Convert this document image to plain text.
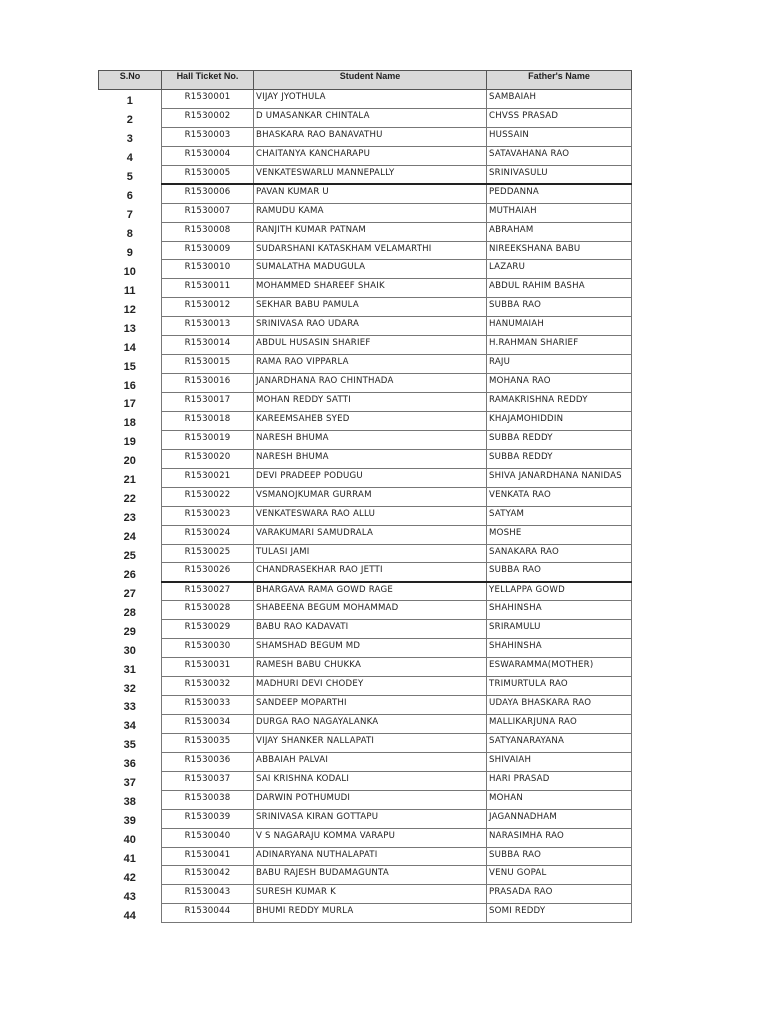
S.No	Hall Ticket No.	Student Name	Father's Name
1	R1530001	VIJAY JYOTHULA	SAMBAIAH
2	R1530002	D UMASANKAR CHINTALA	CHVSS PRASAD
3	R1530003	BHASKARA RAO BANAVATHU	HUSSAIN
4	R1530004	CHAITANYA KANCHARAPU	SATAVAHANA RAO
5	R1530005	VENKATESWARLU MANNEPALLY	SRINIVASULU
6	R1530006	PAVAN KUMAR U	PEDDANNA
7	R1530007	RAMUDU KAMA	MUTHAIAH
8	R1530008	RANJITH KUMAR PATNAM	ABRAHAM
9	R1530009	SUDARSHANI KATASKHAM VELAMARTHI	NIREEKSHANA BABU
10	R1530010	SUMALATHA MADUGULA	LAZARU
11	R1530011	MOHAMMED SHAREEF SHAIK	ABDUL RAHIM BASHA
12	R1530012	SEKHAR BABU PAMULA	SUBBA RAO
13	R1530013	SRINIVASA RAO UDARA	HANUMAIAH
14	R1530014	ABDUL HUSASIN SHARIEF	H.RAHMAN SHARIEF
15	R1530015	RAMA RAO VIPPARLA	RAJU
16	R1530016	JANARDHANA RAO CHINTHADA	MOHANA RAO
17	R1530017	MOHAN REDDY SATTI	RAMAKRISHNA REDDY
18	R1530018	KAREEMSAHEB SYED	KHAJAMOHIDDIN
19	R1530019	NARESH BHUMA	SUBBA REDDY
20	R1530020	NARESH BHUMA	SUBBA REDDY
21	R1530021	DEVI PRADEEP PODUGU	SHIVA JANARDHANA NANIDAS
22	R1530022	VSMANOJKUMAR GURRAM	VENKATA RAO
23	R1530023	VENKATESWARA RAO ALLU	SATYAM
24	R1530024	VARAKUMARI SAMUDRALA	MOSHE
25	R1530025	TULASI JAMI	SANAKARA RAO
26	R1530026	CHANDRASEKHAR RAO JETTI	SUBBA RAO
27	R1530027	BHARGAVA RAMA GOWD RAGE	YELLAPPA GOWD
28	R1530028	SHABEENA BEGUM MOHAMMAD	SHAHINSHA
29	R1530029	BABU RAO KADAVATI	SRIRAMULU
30	R1530030	SHAMSHAD BEGUM MD	SHAHINSHA
31	R1530031	RAMESH BABU CHUKKA	ESWARAMMA(MOTHER)
32	R1530032	MADHURI DEVI CHODEY	TRIMURTULA RAO
33	R1530033	SANDEEP MOPARTHI	UDAYA BHASKARA RAO
34	R1530034	DURGA RAO NAGAYALANKA	MALLIKARJUNA RAO
35	R1530035	VIJAY SHANKER NALLAPATI	SATYANARAYANA
36	R1530036	ABBAIAH PALVAI	SHIVAIAH
37	R1530037	SAI KRISHNA KODALI	HARI PRASAD
38	R1530038	DARWIN POTHUMUDI	MOHAN
39	R1530039	SRINIVASA KIRAN GOTTAPU	JAGANNADHAM
40	R1530040	V S NAGARAJU KOMMA VARAPU	NARASIMHA RAO
41	R1530041	ADINARYANA NUTHALAPATI	SUBBA RAO
42	R1530042	BABU RAJESH BUDAMAGUNTA	VENU GOPAL
43	R1530043	SURESH KUMAR K	PRASADA RAO
44	R1530044	BHUMI REDDY MURLA	SOMI REDDY
